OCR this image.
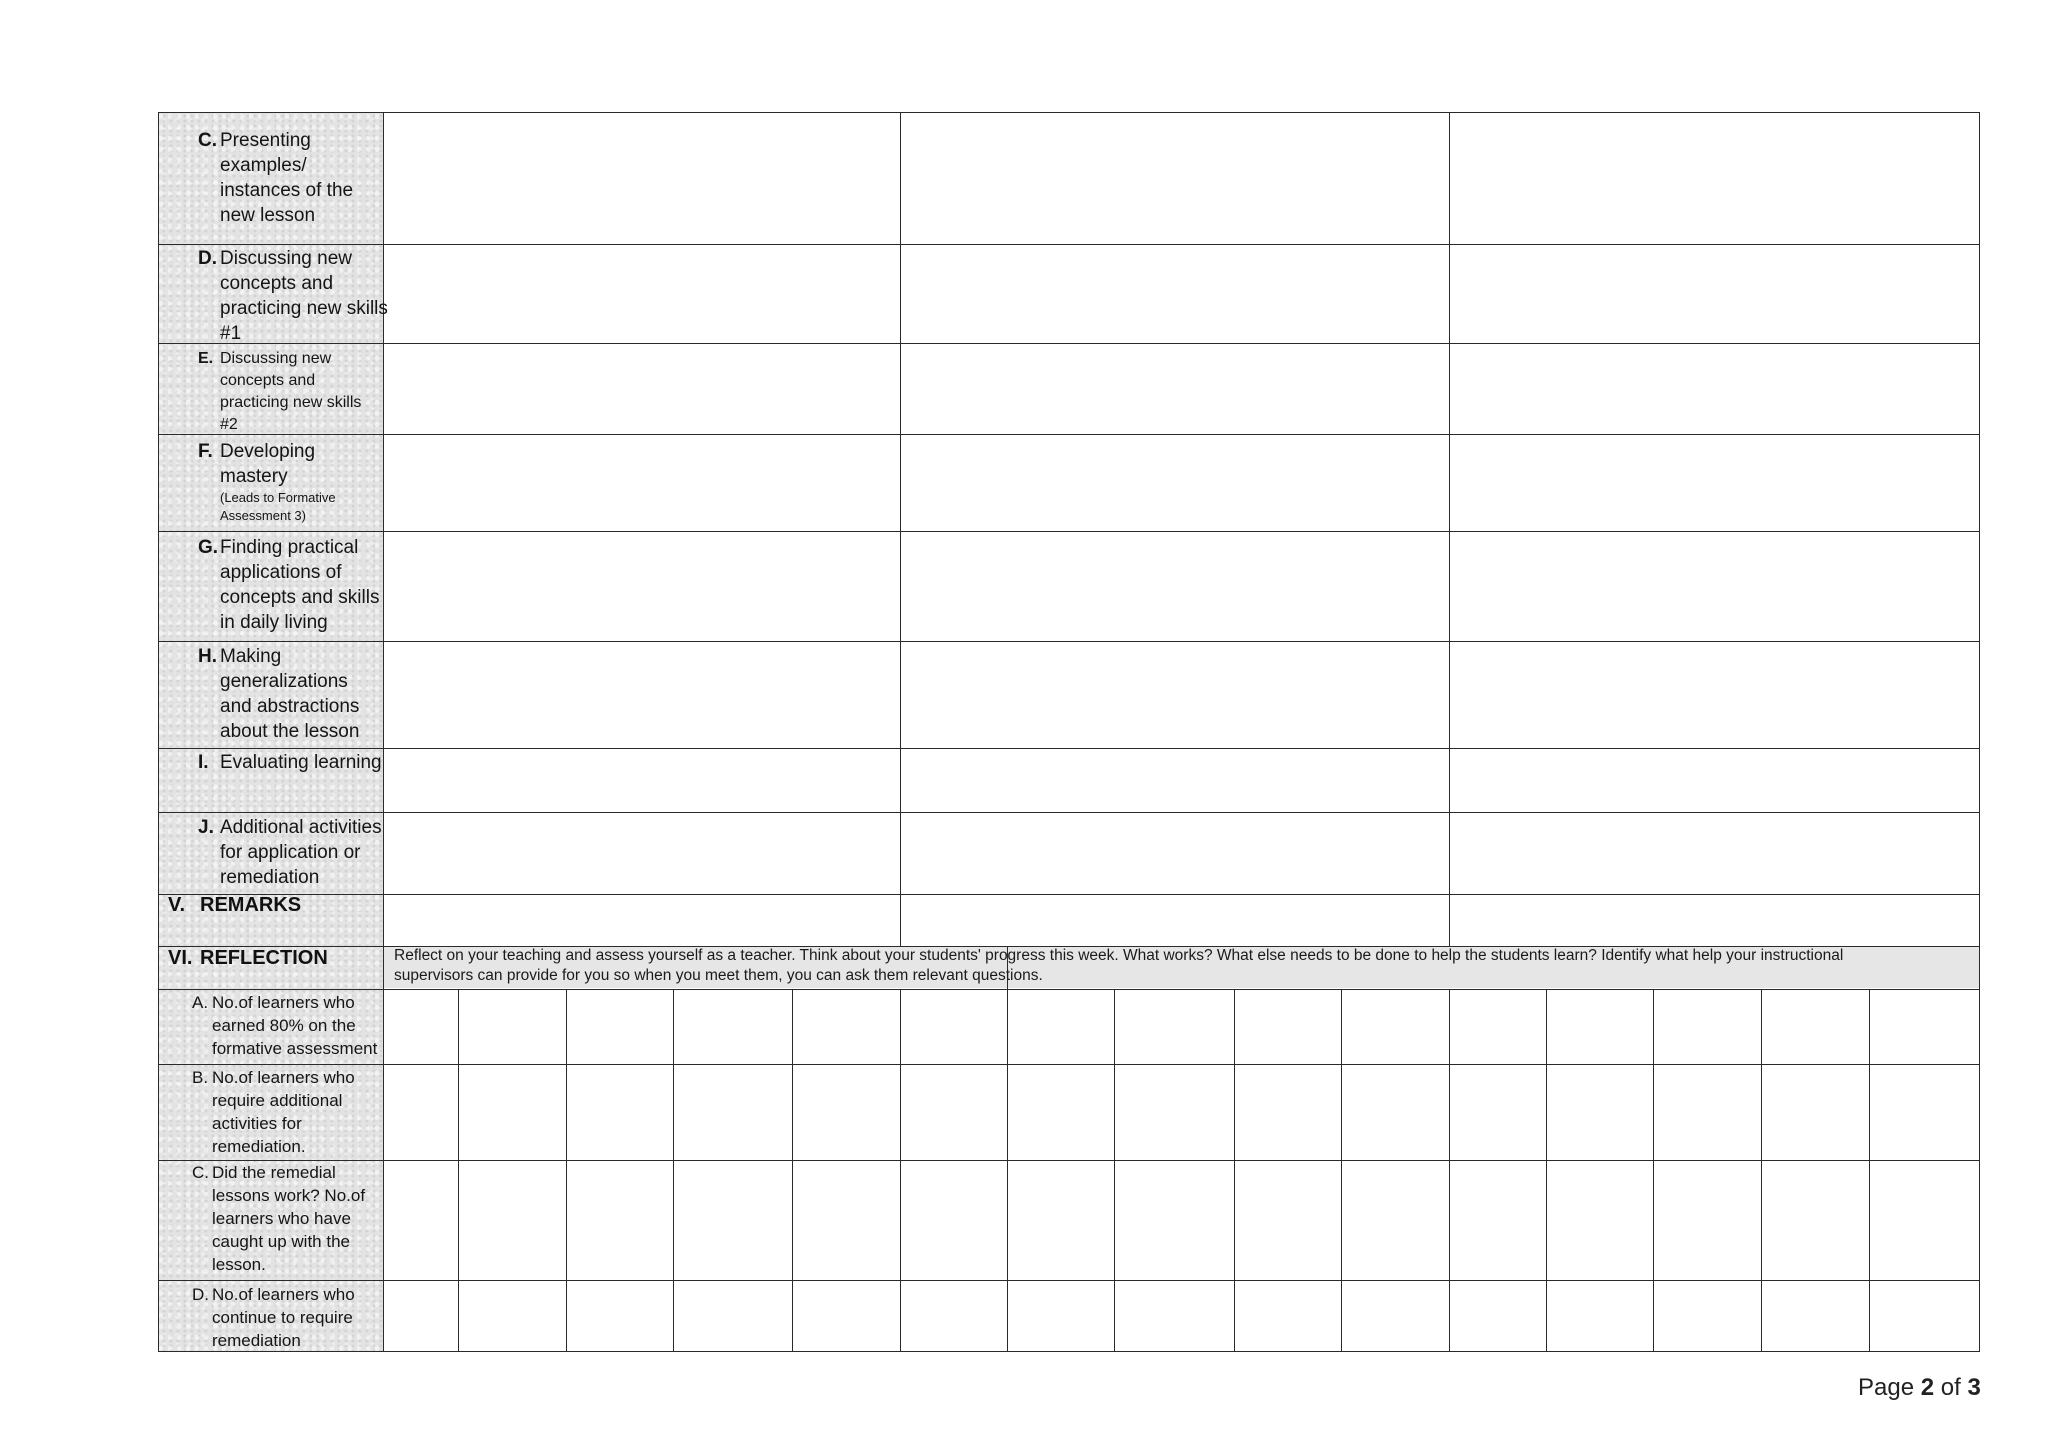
C. Presenting
examples/
instances of the
new lesson
D. Discussing new
concepts and
practicing new skills
#1
E. Discussing new
concepts and
practicing new skills
#2
F. Developing
mastery
(Leads to Formative
Assessment 3)
G. Finding practical
applications of
concepts and skills
in daily living
H. Making
generalizations
and abstractions
about the lesson
I. Evaluating learning
J. Additional activities
for application or
remediation
V. REMARKS
VI. REFLECTION	Reflect on your teaching and assess yourself as a teacher. Think about your students' progress this week. What works? What else needs to be done to help the students learn? Identify what help your instructional supervisors can provide for you so when you meet them, you can ask them relevant questions.
A. No.of learners who
earned 80% on the
formative assessment
B. No.of learners who
require additional
activities for
remediation.
C. Did the remedial
lessons work? No.of
learners who have
caught up with the
lesson.
D. No.of learners who
continue to require
remediation
Page 2 of 3
